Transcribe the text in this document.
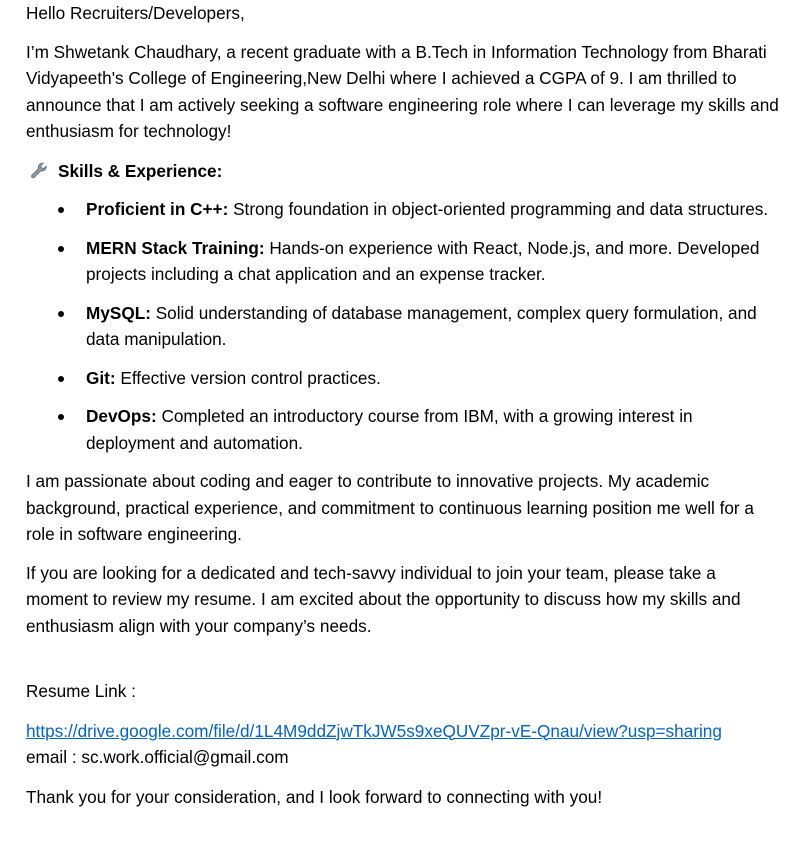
Hello Recruiters/Developers,

I’m Shwetank Chaudhary, a recent graduate with a B.Tech in Information Technology from Bharati Vidyapeeth's College of Engineering,New Delhi where I achieved a CGPA of 9. I am thrilled to announce that I am actively seeking a software engineering role where I can leverage my skills and enthusiasm for technology!

Skills & Experience:

Proficient in C++: Strong foundation in object-oriented programming and data structures.
MERN Stack Training: Hands-on experience with React, Node.js, and more. Developed projects including a chat application and an expense tracker.
MySQL: Solid understanding of database management, complex query formulation, and data manipulation.
Git: Effective version control practices.
DevOps: Completed an introductory course from IBM, with a growing interest in deployment and automation.

I am passionate about coding and eager to contribute to innovative projects. My academic background, practical experience, and commitment to continuous learning position me well for a role in software engineering.

If you are looking for a dedicated and tech-savvy individual to join your team, please take a moment to review my resume. I am excited about the opportunity to discuss how my skills and enthusiasm align with your company’s needs.

Resume Link :

https://drive.google.com/file/d/1L4M9ddZjwTkJW5s9xeQUVZpr-vE-Qnau/view?usp=sharing

email : sc.work.official@gmail.com

Thank you for your consideration, and I look forward to connecting with you!
